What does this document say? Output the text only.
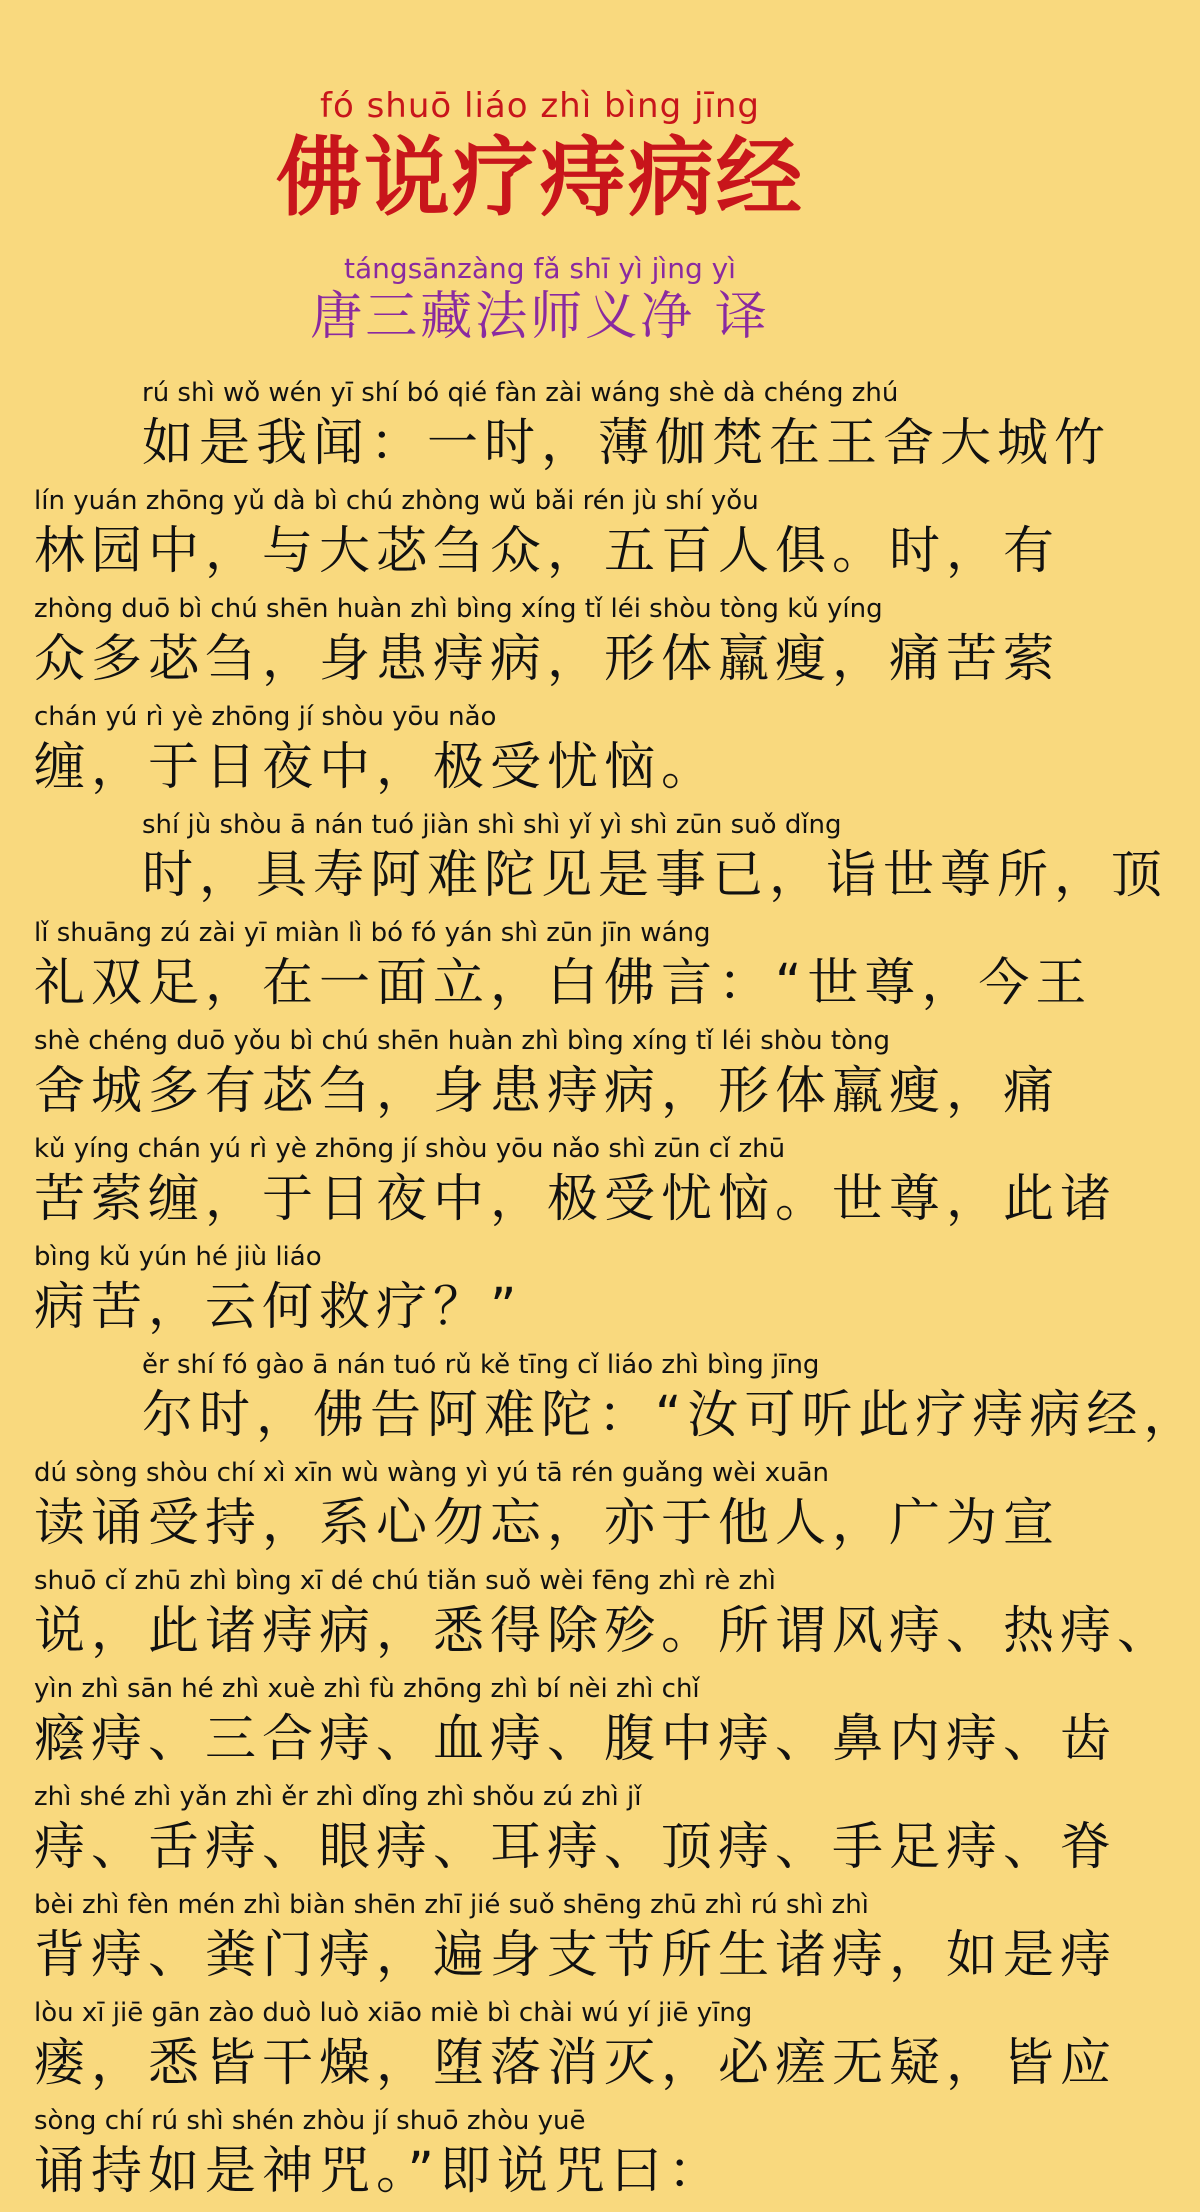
fó shuō liáo zhì bìng jīng
佛说疗痔病经
tángsānzàng fǎ shī yì jìng yì
唐三藏法师义净 译
rú shì wǒ wén yī shí bó qié fàn zài wáng shè dà chéng zhú
如是我闻：一时，薄伽梵在王舍大城竹
lín yuán zhōng yǔ dà bì chú zhòng wǔ bǎi rén jù shí yǒu
林园中，与大苾刍众，五百人俱。时，有
zhòng duō bì chú shēn huàn zhì bìng xíng tǐ léi shòu tòng kǔ yíng
众多苾刍，身患痔病，形体羸瘦，痛苦萦
chán yú rì yè zhōng jí shòu yōu nǎo
缠，于日夜中，极受忧恼。
shí jù shòu ā nán tuó jiàn shì shì yǐ yì shì zūn suǒ dǐng
时，具寿阿难陀见是事已，诣世尊所，顶
lǐ shuāng zú zài yī miàn lì bó fó yán shì zūn jīn wáng
礼双足，在一面立，白佛言：“世尊，今王
shè chéng duō yǒu bì chú shēn huàn zhì bìng xíng tǐ léi shòu tòng
舍城多有苾刍，身患痔病，形体羸瘦，痛
kǔ yíng chán yú rì yè zhōng jí shòu yōu nǎo shì zūn cǐ zhū
苦萦缠，于日夜中，极受忧恼。世尊，此诸
bìng kǔ yún hé jiù liáo
病苦，云何救疗？”
ěr shí fó gào ā nán tuó rǔ kě tīng cǐ liáo zhì bìng jīng
尔时，佛告阿难陀：“汝可听此疗痔病经，
dú sòng shòu chí xì xīn wù wàng yì yú tā rén guǎng wèi xuān
读诵受持，系心勿忘，亦于他人，广为宣
shuō cǐ zhū zhì bìng xī dé chú tiǎn suǒ wèi fēng zhì rè zhì
说，此诸痔病，悉得除殄。所谓风痔、热痔、
yìn zhì sān hé zhì xuè zhì fù zhōng zhì bí nèi zhì chǐ
癊痔、三合痔、血痔、腹中痔、鼻内痔、齿
zhì shé zhì yǎn zhì ěr zhì dǐng zhì shǒu zú zhì jǐ
痔、舌痔、眼痔、耳痔、顶痔、手足痔、脊
bèi zhì fèn mén zhì biàn shēn zhī jié suǒ shēng zhū zhì rú shì zhì
背痔、粪门痔，遍身支节所生诸痔，如是痔
lòu xī jiē gān zào duò luò xiāo miè bì chài wú yí jiē yīng
瘘，悉皆干燥，堕落消灭，必瘥无疑，皆应
sòng chí rú shì shén zhòu jí shuō zhòu yuē
诵持如是神咒。”即说咒曰：
